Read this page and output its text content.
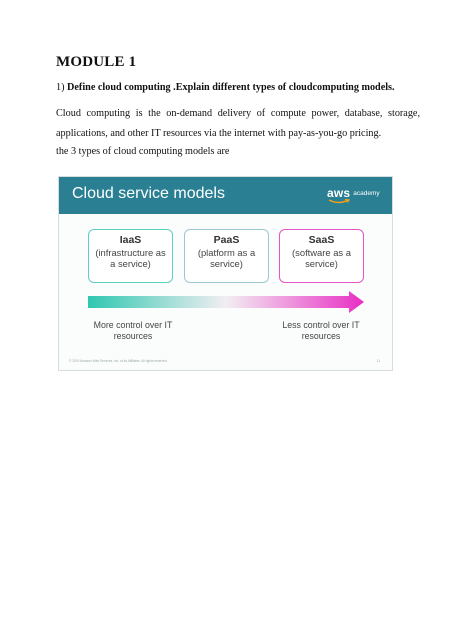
MODULE 1
1) Define cloud computing .Explain different types of cloudcomputing models.
Cloud computing is the on-demand delivery of compute power, database, storage, applications, and other IT resources via the internet with pay-as-you-go pricing.
the 3 types of cloud computing models are
Cloud service models	aws academy
IaaS
(infrastructure as a service)
PaaS
(platform as a service)
SaaS
(software as a service)
More control over IT resources
Less control over IT resources
© 2019 Amazon Web Services, Inc. or its Affiliates. All rights reserved.	11
